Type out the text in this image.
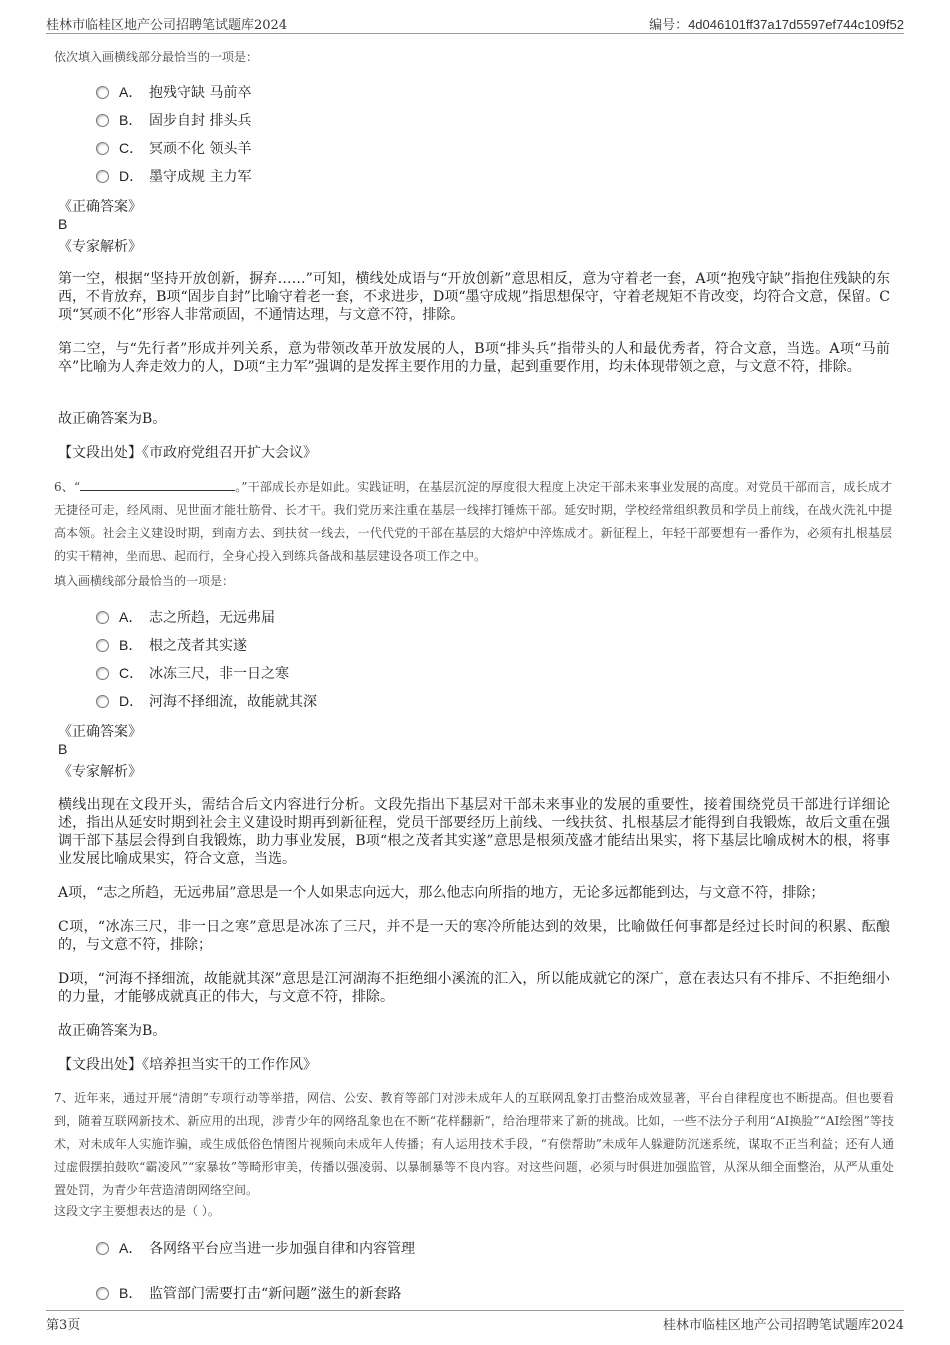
桂林市临桂区地产公司招聘笔试题库2024	编号：4d046101ff37a17d5597ef744c109f52
依次填入画横线部分最恰当的一项是：
A． 抱残守缺 马前卒
B． 固步自封 排头兵
C． 冥顽不化 领头羊
D． 墨守成规 主力军
《正确答案》
B
《专家解析》
第一空，根据“坚持开放创新，摒弃……”可知，横线处成语与“开放创新”意思相反，意为守着老一套，A项“抱残守缺”指抱住残缺的东西，不肯放弃，B项“固步自封”比喻守着老一套，不求进步，D项“墨守成规”指思想保守，守着老规矩不肯改变，均符合文意，保留。C项“冥顽不化”形容人非常顽固，不通情达理，与文意不符，排除。
第二空，与“先行者”形成并列关系，意为带领改革开放发展的人，B项“排头兵”指带头的人和最优秀者，符合文意，当选。A项“马前卒”比喻为人奔走效力的人，D项“主力军”强调的是发挥主要作用的力量，起到重要作用，均未体现带领之意，与文意不符，排除。
故正确答案为B。
【文段出处】《市政府党组召开扩大会议》
6、“	。”干部成长亦是如此。实践证明，在基层沉淀的厚度很大程度上决定干部未来事业发展的高度。对党员干部而言，成长成才无捷径可走，经风雨、见世面才能壮筋骨、长才干。我们党历来注重在基层一线摔打锤炼干部。延安时期，学校经常组织教员和学员上前线，在战火洗礼中提高本领。社会主义建设时期，到南方去、到扶贫一线去，一代代党的干部在基层的大熔炉中淬炼成才。新征程上，年轻干部要想有一番作为，必须有扎根基层的实干精神，坐而思、起而行，全身心投入到练兵备战和基层建设各项工作之中。
填入画横线部分最恰当的一项是：
A． 志之所趋，无远弗届
B． 根之茂者其实遂
C． 冰冻三尺，非一日之寒
D． 河海不择细流，故能就其深
《正确答案》
B
《专家解析》
横线出现在文段开头，需结合后文内容进行分析。文段先指出下基层对干部未来事业的发展的重要性，接着围绕党员干部进行详细论述，指出从延安时期到社会主义建设时期再到新征程，党员干部要经历上前线、一线扶贫、扎根基层才能得到自我锻炼，故后文重在强调干部下基层会得到自我锻炼，助力事业发展，B项“根之茂者其实遂”意思是根须茂盛才能结出果实，将下基层比喻成树木的根，将事业发展比喻成果实，符合文意，当选。
A项，“志之所趋，无远弗届”意思是一个人如果志向远大，那么他志向所指的地方，无论多远都能到达，与文意不符，排除；
C项，“冰冻三尺，非一日之寒”意思是冰冻了三尺，并不是一天的寒冷所能达到的效果，比喻做任何事都是经过长时间的积累、酝酿的，与文意不符，排除；
D项，“河海不择细流，故能就其深”意思是江河湖海不拒绝细小溪流的汇入，所以能成就它的深广，意在表达只有不排斥、不拒绝细小的力量，才能够成就真正的伟大，与文意不符，排除。
故正确答案为B。
【文段出处】《培养担当实干的工作作风》
7、近年来，通过开展“清朗”专项行动等举措，网信、公安、教育等部门对涉未成年人的互联网乱象打击整治成效显著，平台自律程度也不断提高。但也要看到，随着互联网新技术、新应用的出现，涉青少年的网络乱象也在不断“花样翻新”，给治理带来了新的挑战。比如，一些不法分子利用“AI换脸”“AI绘图”等技术，对未成年人实施诈骗，或生成低俗色情图片视频向未成年人传播；有人运用技术手段，“有偿帮助”未成年人躲避防沉迷系统，谋取不正当利益；还有人通过虚假摆拍鼓吹“霸凌风”“家暴妆”等畸形审美，传播以强凌弱、以暴制暴等不良内容。对这些问题，必须与时俱进加强监管，从深从细全面整治，从严从重处置处罚，为青少年营造清朗网络空间。
这段文字主要想表达的是（ ）。
A． 各网络平台应当进一步加强自律和内容管理
B． 监管部门需要打击“新问题”滋生的新套路
第3页	桂林市临桂区地产公司招聘笔试题库2024
